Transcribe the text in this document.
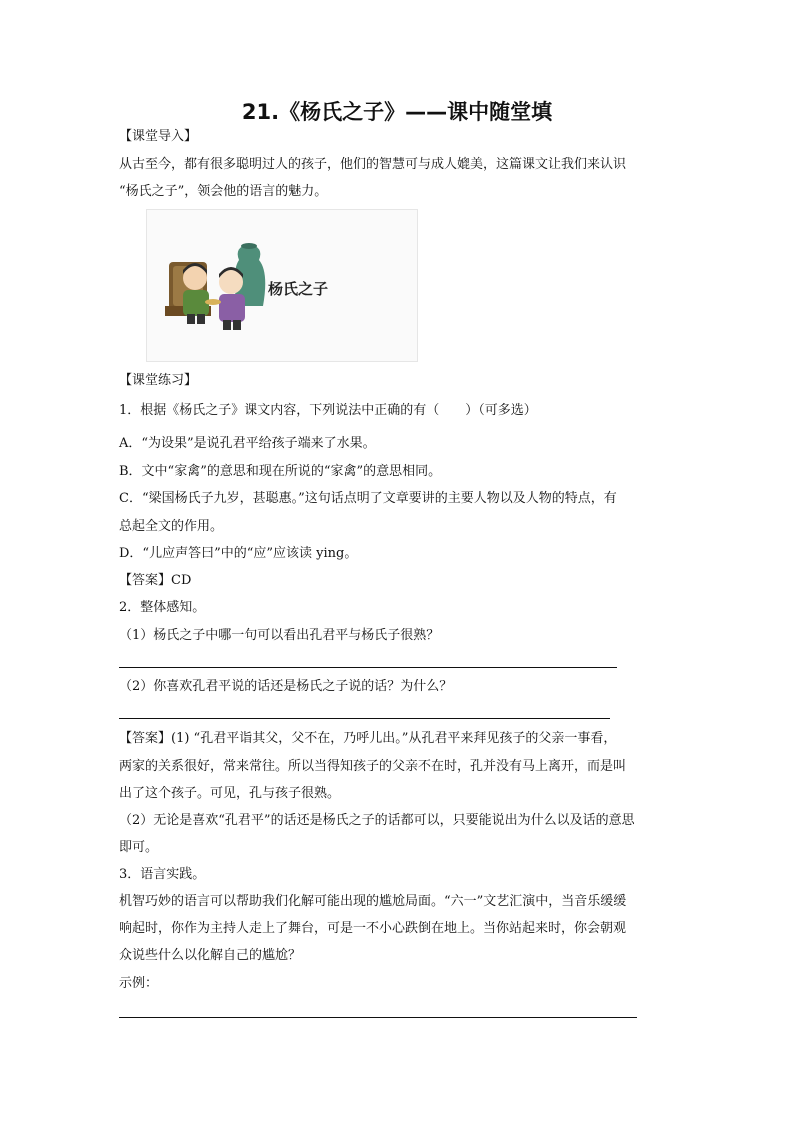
21.《杨氏之子》——课中随堂填
【课堂导入】
从古至今，都有很多聪明过人的孩子，他们的智慧可与成人媲美，这篇课文让我们来认识
“杨氏之子”，领会他的语言的魅力。
杨氏之子
【课堂练习】
1．根据《杨氏之子》课文内容，下列说法中正确的有（　　）（可多选）
A．“为设果”是说孔君平给孩子端来了水果。
B．文中“家禽”的意思和现在所说的“家禽”的意思相同。
C．“梁国杨氏子九岁，甚聪惠。”这句话点明了文章要讲的主要人物以及人物的特点，有
总起全文的作用。
D．“儿应声答曰”中的“应”应该读 ying。
【答案】CD
2．整体感知。
（1）杨氏之子中哪一句可以看出孔君平与杨氏子很熟？
（2）你喜欢孔君平说的话还是杨氏之子说的话？为什么？
【答案】(1) “孔君平诣其父，父不在，乃呼儿出。”从孔君平来拜见孩子的父亲一事看，
两家的关系很好，常来常往。所以当得知孩子的父亲不在时，孔并没有马上离开，而是叫
出了这个孩子。可见，孔与孩子很熟。
（2）无论是喜欢“孔君平”的话还是杨氏之子的话都可以，只要能说出为什么以及话的意思
即可。
3．语言实践。
机智巧妙的语言可以帮助我们化解可能出现的尴尬局面。“六一”文艺汇演中，当音乐缓缓
响起时，你作为主持人走上了舞台，可是一不小心跌倒在地上。当你站起来时，你会朝观
众说些什么以化解自己的尴尬？
示例：
